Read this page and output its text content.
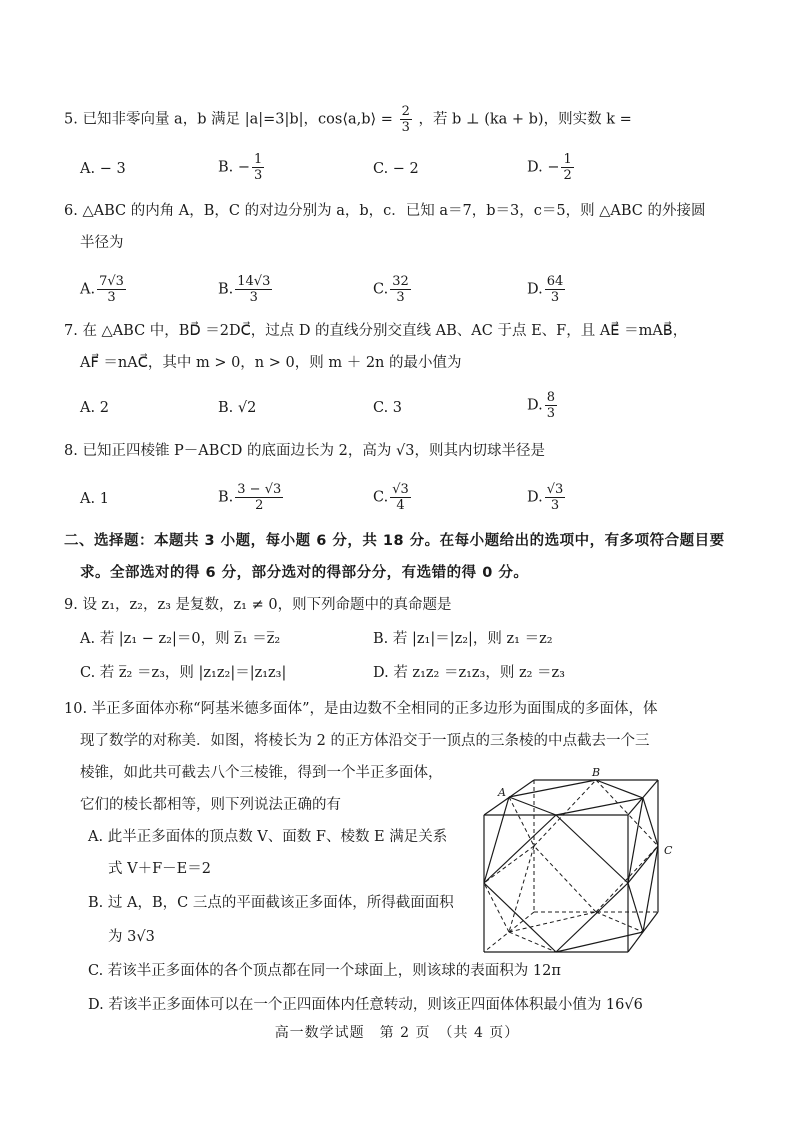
5. 已知非零向量 a，b 满足 |a|=3|b|，cos⟨a,b⟩ = $\frac{2}{3}$ ，若 b ⊥ (ka + b)，则实数 k =
A. − 3	B. − $\frac{1}{3}$	C. − 2	D. − $\frac{1}{2}$
6. △ABC 的内角 A，B，C 的对边分别为 a，b，c．已知 a＝7，b＝3，c＝5，则 △ABC 的外接圆
半径为
A. $\frac{7√3}{3}$	B. $\frac{14√3}{3}$	C. $\frac{32}{3}$	D. $\frac{64}{3}$
7. 在 △ABC 中，BD⃗ ＝2DC⃗，过点 D 的直线分别交直线 AB、AC 于点 E、F，且 AE⃗ ＝mAB⃗，
AF⃗ ＝nAC⃗，其中 m > 0，n > 0，则 m ＋ 2n 的最小值为
A. 2	B. √2	C. 3	D. $\frac{8}{3}$
8. 已知正四棱锥 P－ABCD 的底面边长为 2，高为 √3，则其内切球半径是
A. 1	B. $\frac{3 - √3}{2}$	C. $\frac{√3}{4}$	D. $\frac{√3}{3}$
二、选择题：本题共 3 小题，每小题 6 分，共 18 分。在每小题给出的选项中，有多项符合题目要
求。全部选对的得 6 分，部分选对的得部分分，有选错的得 0 分。
9. 设 z₁，z₂，z₃ 是复数，z₁ ≠ 0，则下列命题中的真命题是
A. 若 |z₁ − z₂|＝0，则 z̅₁ ＝z̅₂	B. 若 |z₁|＝|z₂|，则 z₁ ＝z₂
C. 若 z̅₂ ＝z₃，则 |z₁z₂|＝|z₁z₃|	D. 若 z₁z₂ ＝z₁z₃，则 z₂ ＝z₃
10. 半正多面体亦称“阿基米德多面体”，是由边数不全相同的正多边形为面围成的多面体，体
现了数学的对称美．如图，将棱长为 2 的正方体沿交于一顶点的三条棱的中点截去一个三
棱锥，如此共可截去八个三棱锥，得到一个半正多面体，
它们的棱长都相等，则下列说法正确的有
A. 此半正多面体的顶点数 V、面数 F、棱数 E 满足关系
式 V＋F－E＝2
B. 过 A，B，C 三点的平面截该正多面体，所得截面面积
为 3√3
C. 若该半正多面体的各个顶点都在同一个球面上，则该球的表面积为 12π
D. 若该半正多面体可以在一个正四面体内任意转动，则该正四面体体积最小值为 16√6
A
B
C
高一数学试题　第 2 页　（共 4 页）
